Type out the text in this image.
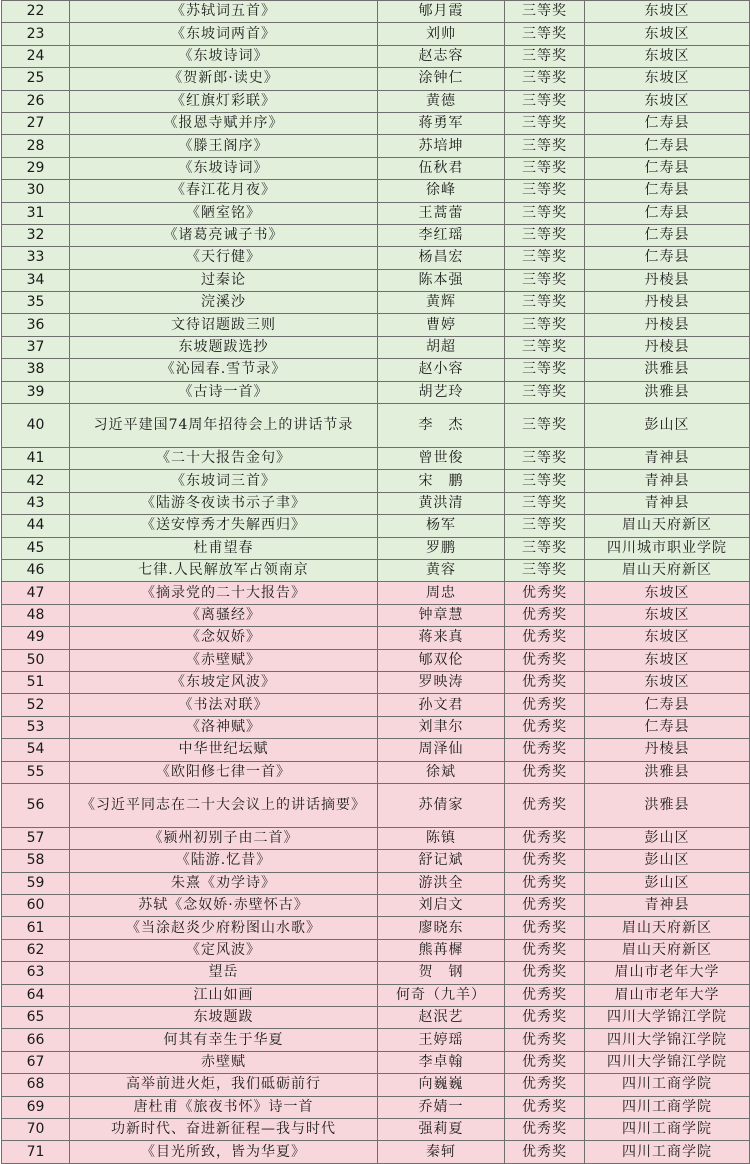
22	《苏轼词五首》	郇月霞	三等奖	东坡区
23	《东坡词两首》	刘帅	三等奖	东坡区
24	《东坡诗词》	赵志容	三等奖	东坡区
25	《贺新郎·读史》	涂钟仁	三等奖	东坡区
26	《红旗灯彩联》	黄德	三等奖	东坡区
27	《报恩寺赋并序》	蒋勇军	三等奖	仁寿县
28	《滕王阁序》	苏培坤	三等奖	仁寿县
29	《东坡诗词》	伍秋君	三等奖	仁寿县
30	《春江花月夜》	徐峰	三等奖	仁寿县
31	《陋室铭》	王蒿蕾	三等奖	仁寿县
32	《诸葛亮诫子书》	李红瑶	三等奖	仁寿县
33	《天行健》	杨昌宏	三等奖	仁寿县
34	过秦论	陈本强	三等奖	丹棱县
35	浣溪沙	黄辉	三等奖	丹棱县
36	文待诏题跋三则	曹婷	三等奖	丹棱县
37	东坡题跋选抄	胡超	三等奖	丹棱县
38	《沁园春.雪节录》	赵小容	三等奖	洪雅县
39	《古诗一首》	胡艺玲	三等奖	洪雅县
40	习近平建国74周年招待会上的讲话节录	李　杰	三等奖	彭山区
41	《二十大报告金句》	曾世俊	三等奖	青神县
42	《东坡词三首》	宋　鹏	三等奖	青神县
43	《陆游冬夜读书示子聿》	黄洪清	三等奖	青神县
44	《送安惇秀才失解西归》	杨军	三等奖	眉山天府新区
45	杜甫望春	罗鹏	三等奖	四川城市职业学院
46	七律.人民解放军占领南京	黄容	三等奖	眉山天府新区
47	《摘录党的二十大报告》	周忠	优秀奖	东坡区
48	《离骚经》	钟章慧	优秀奖	东坡区
49	《念奴娇》	蒋来真	优秀奖	东坡区
50	《赤壁赋》	郇双伦	优秀奖	东坡区
51	《东坡定风波》	罗映涛	优秀奖	东坡区
52	《书法对联》	孙文君	优秀奖	仁寿县
53	《洛神赋》	刘聿尔	优秀奖	仁寿县
54	中华世纪坛赋	周泽仙	优秀奖	丹棱县
55	《欧阳修七律一首》	徐斌	优秀奖	洪雅县
56	《习近平同志在二十大会议上的讲话摘要》	苏倩家	优秀奖	洪雅县
57	《颍州初别子由二首》	陈镇	优秀奖	彭山区
58	《陆游.忆昔》	舒记斌	优秀奖	彭山区
59	朱熹《劝学诗》	游洪全	优秀奖	彭山区
60	苏轼《念奴娇·赤壁怀古》	刘启文	优秀奖	青神县
61	《当涂赵炎少府粉图山水歌》	廖晓东	优秀奖	眉山天府新区
62	《定风波》	熊苒樨	优秀奖	眉山天府新区
63	望岳	贺　钢	优秀奖	眉山市老年大学
64	江山如画	何奇（九羊）	优秀奖	眉山市老年大学
65	东坡题跋	赵泯艺	优秀奖	四川大学锦江学院
66	何其有幸生于华夏	王婷瑶	优秀奖	四川大学锦江学院
67	赤壁赋	李卓翰	优秀奖	四川大学锦江学院
68	高举前进火炬，我们砥砺前行	向巍巍	优秀奖	四川工商学院
69	唐杜甫《旅夜书怀》诗一首	乔婧一	优秀奖	四川工商学院
70	功新时代、奋进新征程—我与时代	强莉夏	优秀奖	四川工商学院
71	《目光所致，皆为华夏》	秦轲	优秀奖	四川工商学院
